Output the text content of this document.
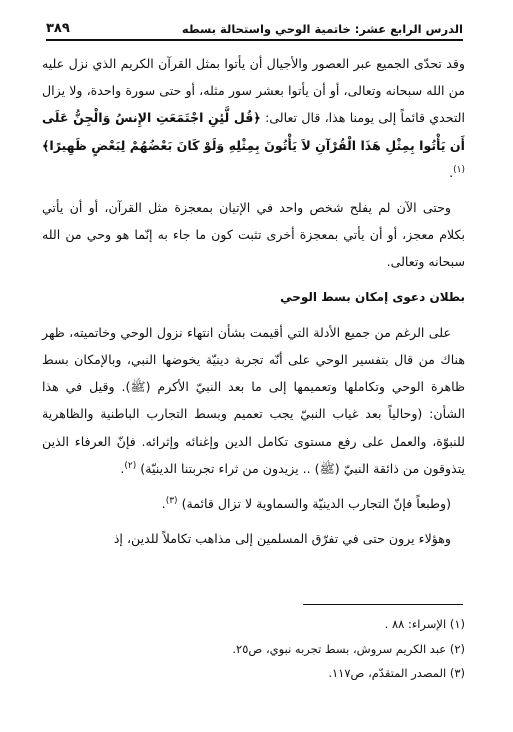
الدرس الرابع عشر: خاتمية الوحي واستحالة بسطه
٣٨٩

وقد تحدّى الجميع عبر العصور والأجيال أن يأتوا بمثل القرآن الكريم الذي نزل عليه من الله سبحانه وتعالى، أو أن يأتوا بعشر سور مثله، أو حتى سورة واحدة، ولا يزال التحدي قائماً إلى يومنا هذا، قال تعالى: ﴿قُل لَّئِنِ اجْتَمَعَتِ الإِنسُ وَالْجِنُّ عَلَى أَن يَأْتُوا بِمِثْلِ هَذَا الْقُرْآنِ لاَ يَأْتُونَ بِمِثْلِهِ وَلَوْ كَانَ بَعْضُهُمْ لِبَعْضٍ ظَهِيرًا﴾ $^{(١)}$.

وحتى الآن لم يفلح شخص واحد في الإتيان بمعجزة مثل القرآن، أو أن يأتي بكلام معجز، أو أن يأتي بمعجزة أخرى تثبت كون ما جاء به إنّما هو وحي من الله سبحانه وتعالى.

بطلان دعوى إمكان بسط الوحي

على الرغم من جميع الأدلة التي أقيمت بشأن انتهاء نزول الوحي وخاتميته، ظهر هناك من قال بتفسير الوحي على أنّه تجربة دينيّة يخوضها النبي، وبالإمكان بسط ظاهرة الوحي وتكاملها وتعميمها إلى ما بعد النبيّ الأكرم (ﷺ). وقيل في هذا الشأن: (وحالياً بعد غياب النبيّ يجب تعميم وبسط التجارب الباطنية والظاهرية للنبوّة، والعمل على رفع مستوى تكامل الدين وإغنائه وإثرائه. فإنّ العرفاء الذين يتذوقون من ذائقة النبيّ (ﷺ) .. يزيدون من ثراء تجربتنا الدينيّة) $^{(٢)}$.

(وطبعاً فإنّ التجارب الدينيّة والسماوية لا تزال قائمة) $^{(٣)}$.

وهؤلاء يرون حتى في تفرّق المسلمين إلى مذاهب تكاملاً للدين، إذ

(١) الإسراء: ٨٨ .
(٢) عبد الكريم سروش، بسط تجربه نبوي، ص٢٥.
(٣) المصدر المتقدّم، ص١١٧.
